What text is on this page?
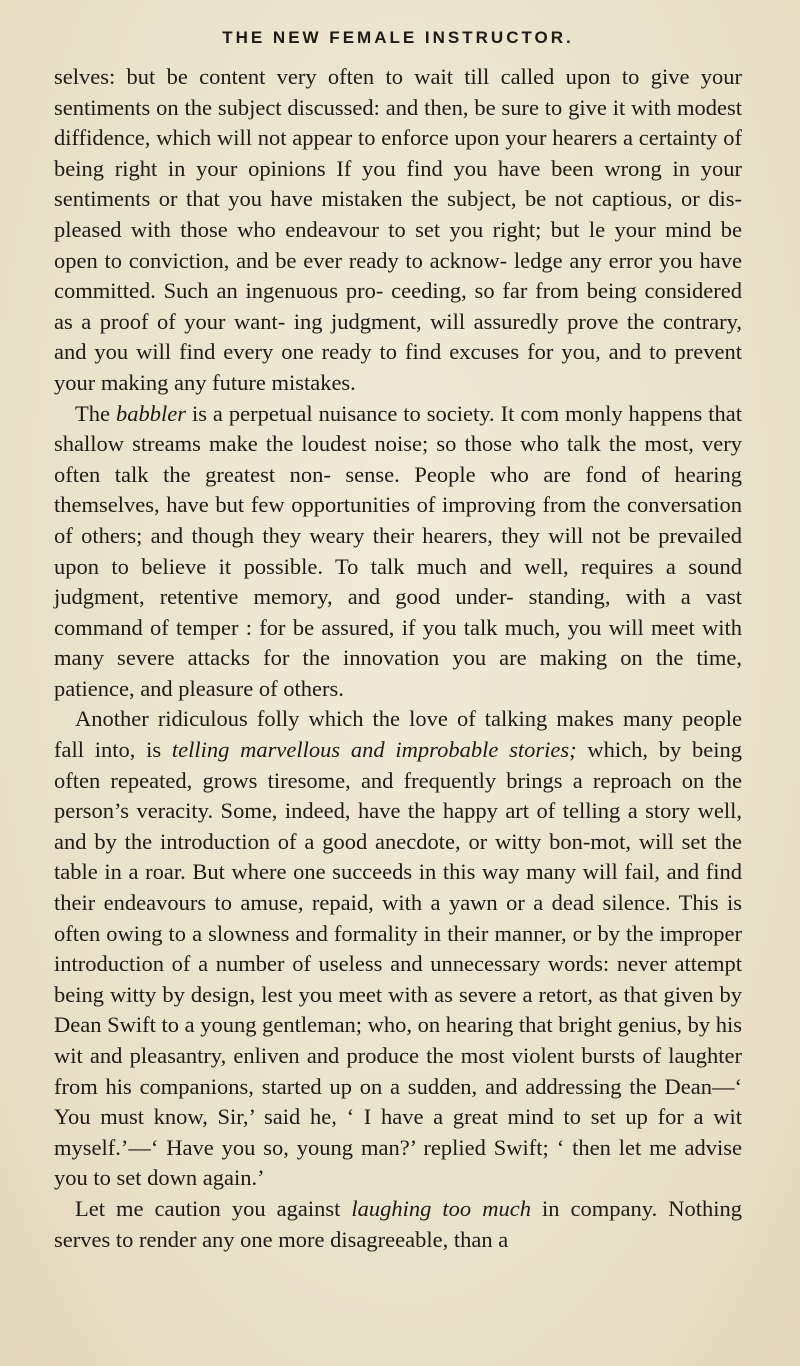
THE NEW FEMALE INSTRUCTOR.

selves: but be content very often to wait till called upon to give your sentiments on the subject discussed: and then, be sure to give it with modest diffidence, which will not appear to enforce upon your hearers a certainty of being right in your opinions If you find you have been wrong in your sentiments or that you have mistaken the subject, be not captious, or dis- pleased with those who endeavour to set you right; but le your mind be open to conviction, and be ever ready to acknow- ledge any error you have committed. Such an ingenuous pro- ceeding, so far from being considered as a proof of your want- ing judgment, will assuredly prove the contrary, and you will find every one ready to find excuses for you, and to prevent your making any future mistakes.

The babbler is a perpetual nuisance to society. It com monly happens that shallow streams make the loudest noise; so those who talk the most, very often talk the greatest non- sense. People who are fond of hearing themselves, have but few opportunities of improving from the conversation of others; and though they weary their hearers, they will not be prevailed upon to believe it possible. To talk much and well, requires a sound judgment, retentive memory, and good under- standing, with a vast command of temper : for be assured, if you talk much, you will meet with many severe attacks for the innovation you are making on the time, patience, and pleasure of others.

Another ridiculous folly which the love of talking makes many people fall into, is telling marvellous and improbable stories; which, by being often repeated, grows tiresome, and frequently brings a reproach on the person’s veracity. Some, indeed, have the happy art of telling a story well, and by the introduction of a good anecdote, or witty bon-mot, will set the table in a roar. But where one succeeds in this way many will fail, and find their endeavours to amuse, repaid, with a yawn or a dead silence. This is often owing to a slowness and formality in their manner, or by the improper introduction of a number of useless and unnecessary words: never attempt being witty by design, lest you meet with as severe a retort, as that given by Dean Swift to a young gentleman; who, on hearing that bright genius, by his wit and pleasantry, enliven and produce the most violent bursts of laughter from his companions, started up on a sudden, and addressing the Dean—‘ You must know, Sir,’ said he, ‘ I have a great mind to set up for a wit myself.’—‘ Have you so, young man?’ replied Swift; ‘ then let me advise you to set down again.’

Let me caution you against laughing too much in company. Nothing serves to render any one more disagreeable, than a
